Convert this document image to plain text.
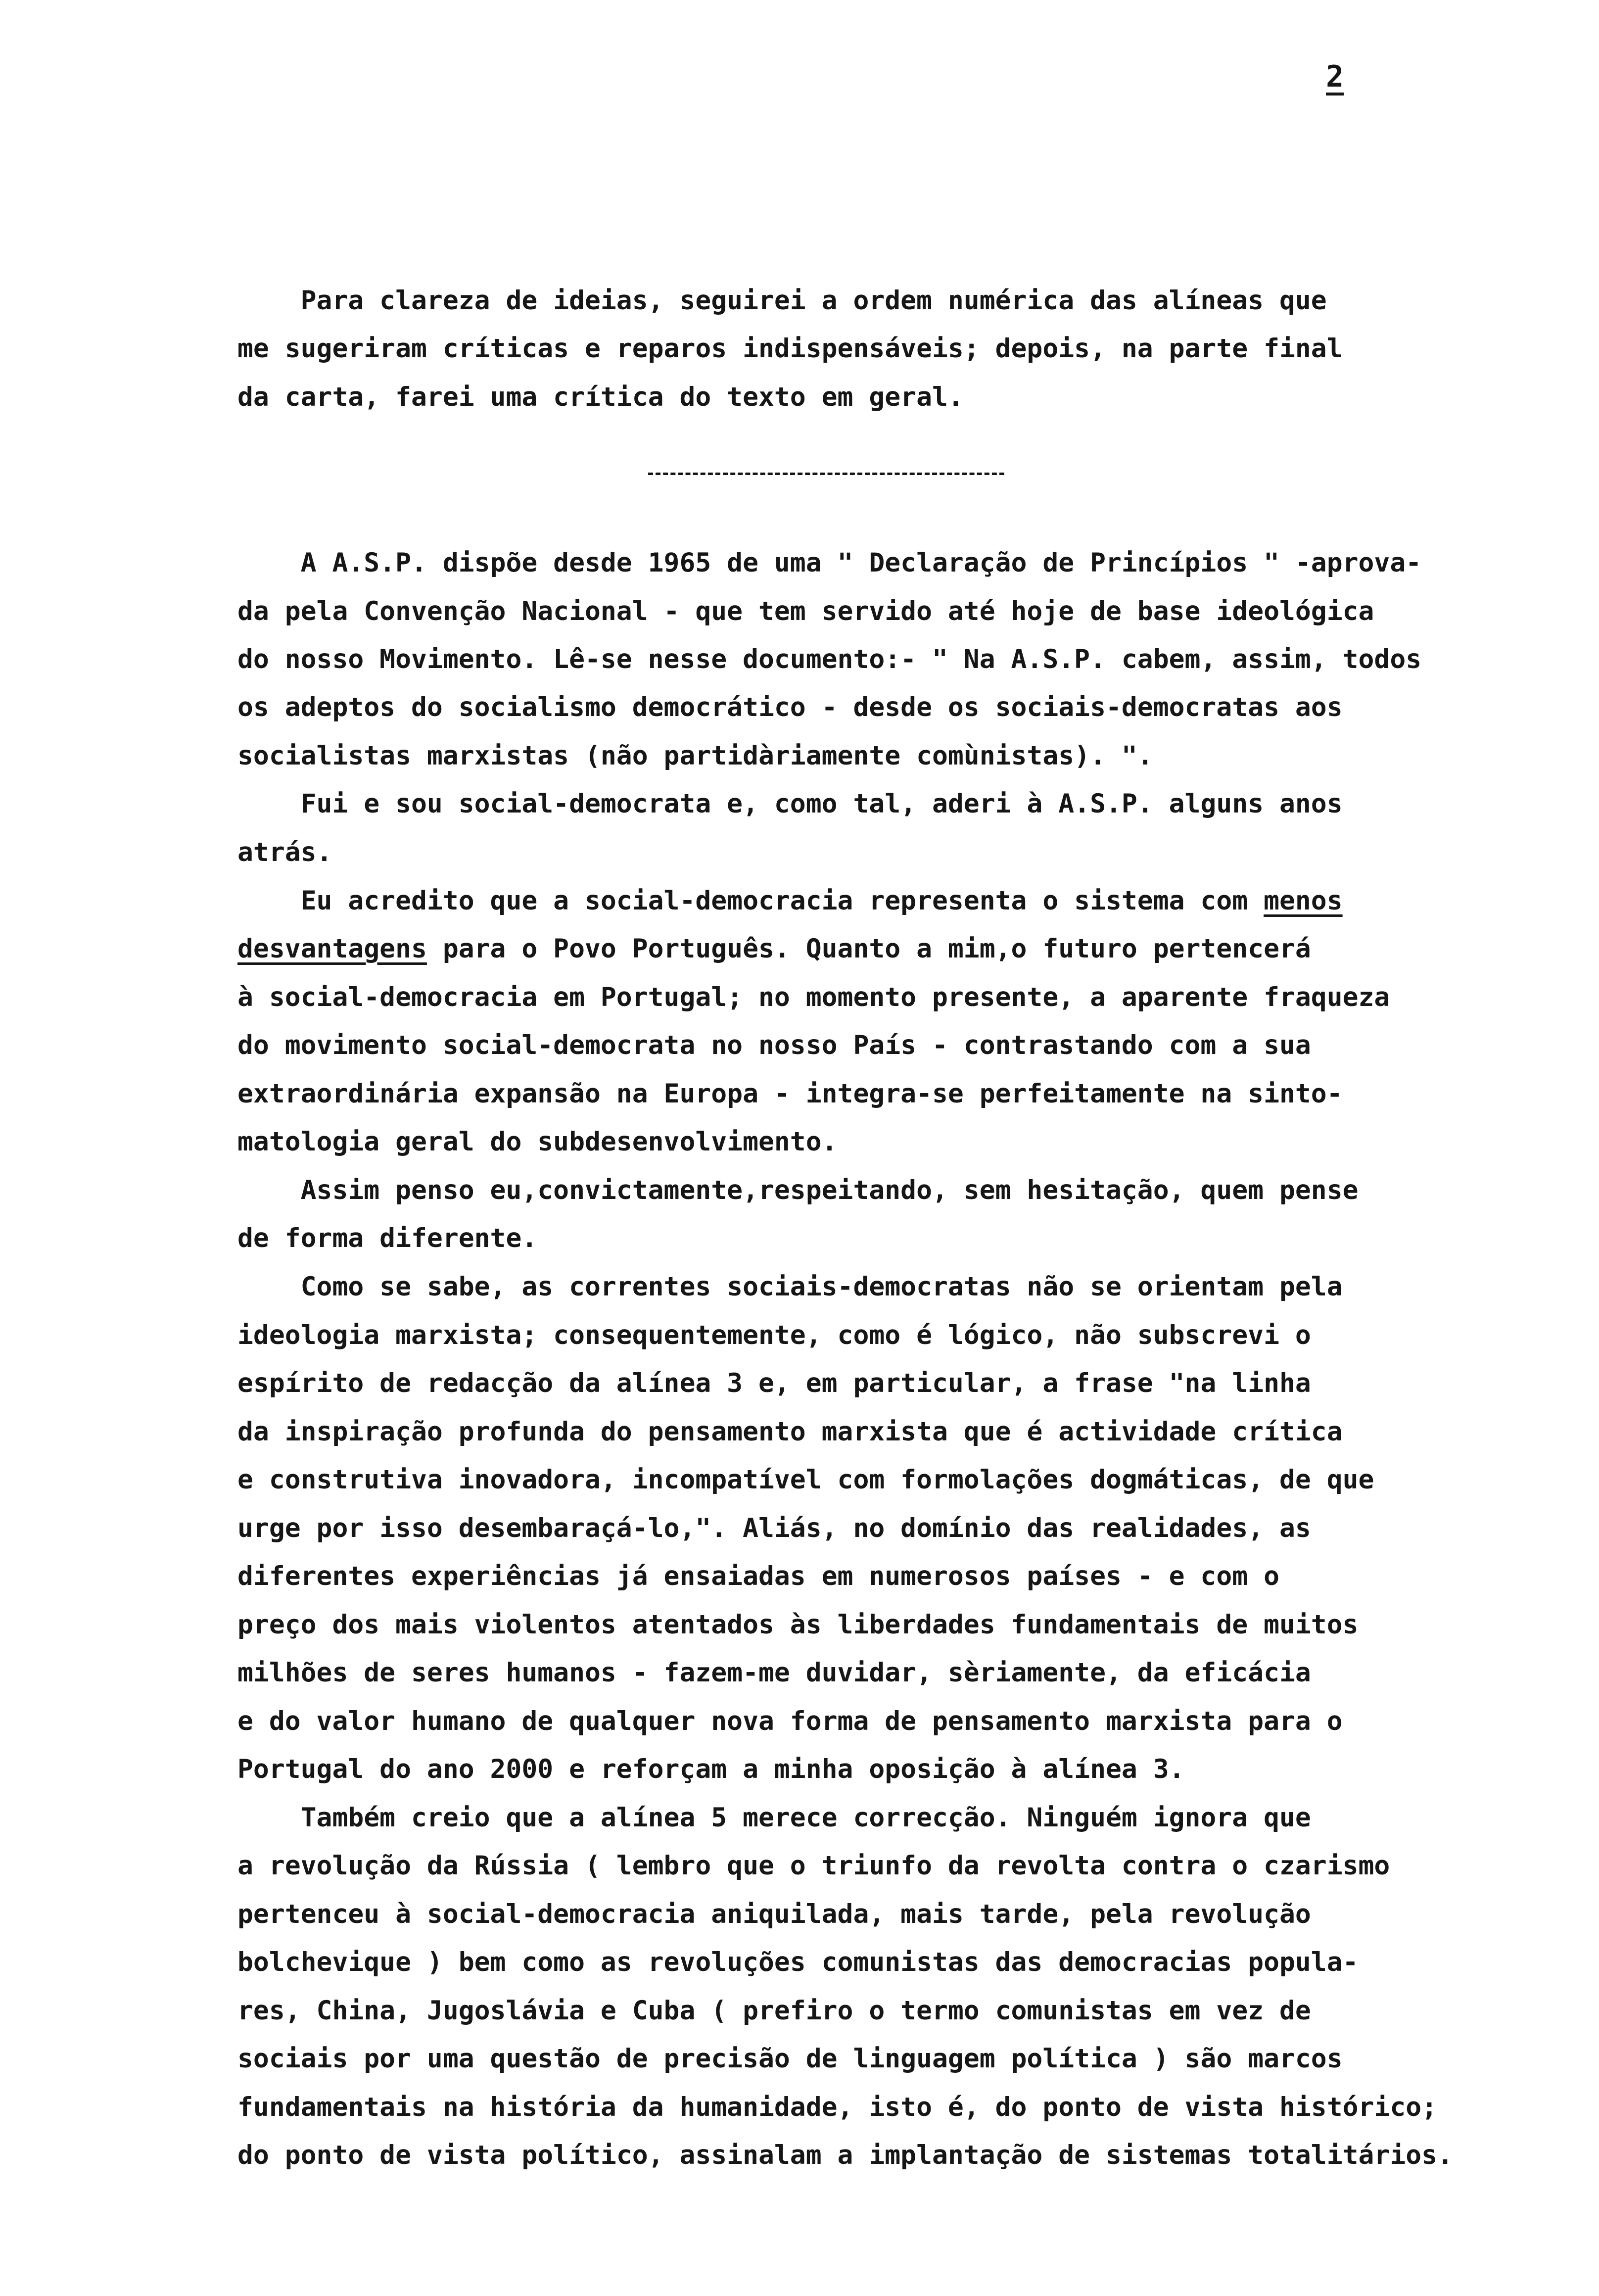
2
Para clareza de ideias, seguirei a ordem numérica das alíneas que
me sugeriram críticas e reparos indispensáveis; depois, na parte final
da carta, farei uma crítica do texto em geral.
A A.S.P. dispõe desde 1965 de uma " Declaração de Princípios " -aprova-
da pela Convenção Nacional - que tem servido até hoje de base ideológica
do nosso Movimento. Lê-se nesse documento:- " Na A.S.P. cabem, assim, todos
os adeptos do socialismo democrático - desde os sociais-democratas aos
socialistas marxistas (não partidàriamente comùnistas). ".
Fui e sou social-democrata e, como tal, aderi à A.S.P. alguns anos
atrás.
Eu acredito que a social-democracia representa o sistema com menos
desvantagens para o Povo Português. Quanto a mim,o futuro pertencerá
à social-democracia em Portugal; no momento presente, a aparente fraqueza
do movimento social-democrata no nosso País - contrastando com a sua
extraordinária expansão na Europa - integra-se perfeitamente na sinto-
matologia geral do subdesenvolvimento.
Assim penso eu,convictamente,respeitando, sem hesitação, quem pense
de forma diferente.
Como se sabe, as correntes sociais-democratas não se orientam pela
ideologia marxista; consequentemente, como é lógico, não subscrevi o
espírito de redacção da alínea 3 e, em particular, a frase "na linha
da inspiração profunda do pensamento marxista que é actividade crítica
e construtiva inovadora, incompatível com formolações dogmáticas, de que
urge por isso desembaraçá-lo,". Aliás, no domínio das realidades, as
diferentes experiências já ensaiadas em numerosos países - e com o
preço dos mais violentos atentados às liberdades fundamentais de muitos
milhões de seres humanos - fazem-me duvidar, sèriamente, da eficácia
e do valor humano de qualquer nova forma de pensamento marxista para o
Portugal do ano 2000 e reforçam a minha oposição à alínea 3.
Também creio que a alínea 5 merece correcção. Ninguém ignora que
a revolução da Rússia ( lembro que o triunfo da revolta contra o czarismo
pertenceu à social-democracia aniquilada, mais tarde, pela revolução
bolchevique ) bem como as revoluções comunistas das democracias popula-
res, China, Jugoslávia e Cuba ( prefiro o termo comunistas em vez de
sociais por uma questão de precisão de linguagem política ) são marcos
fundamentais na história da humanidade, isto é, do ponto de vista histórico;
do ponto de vista político, assinalam a implantação de sistemas totalitários.
